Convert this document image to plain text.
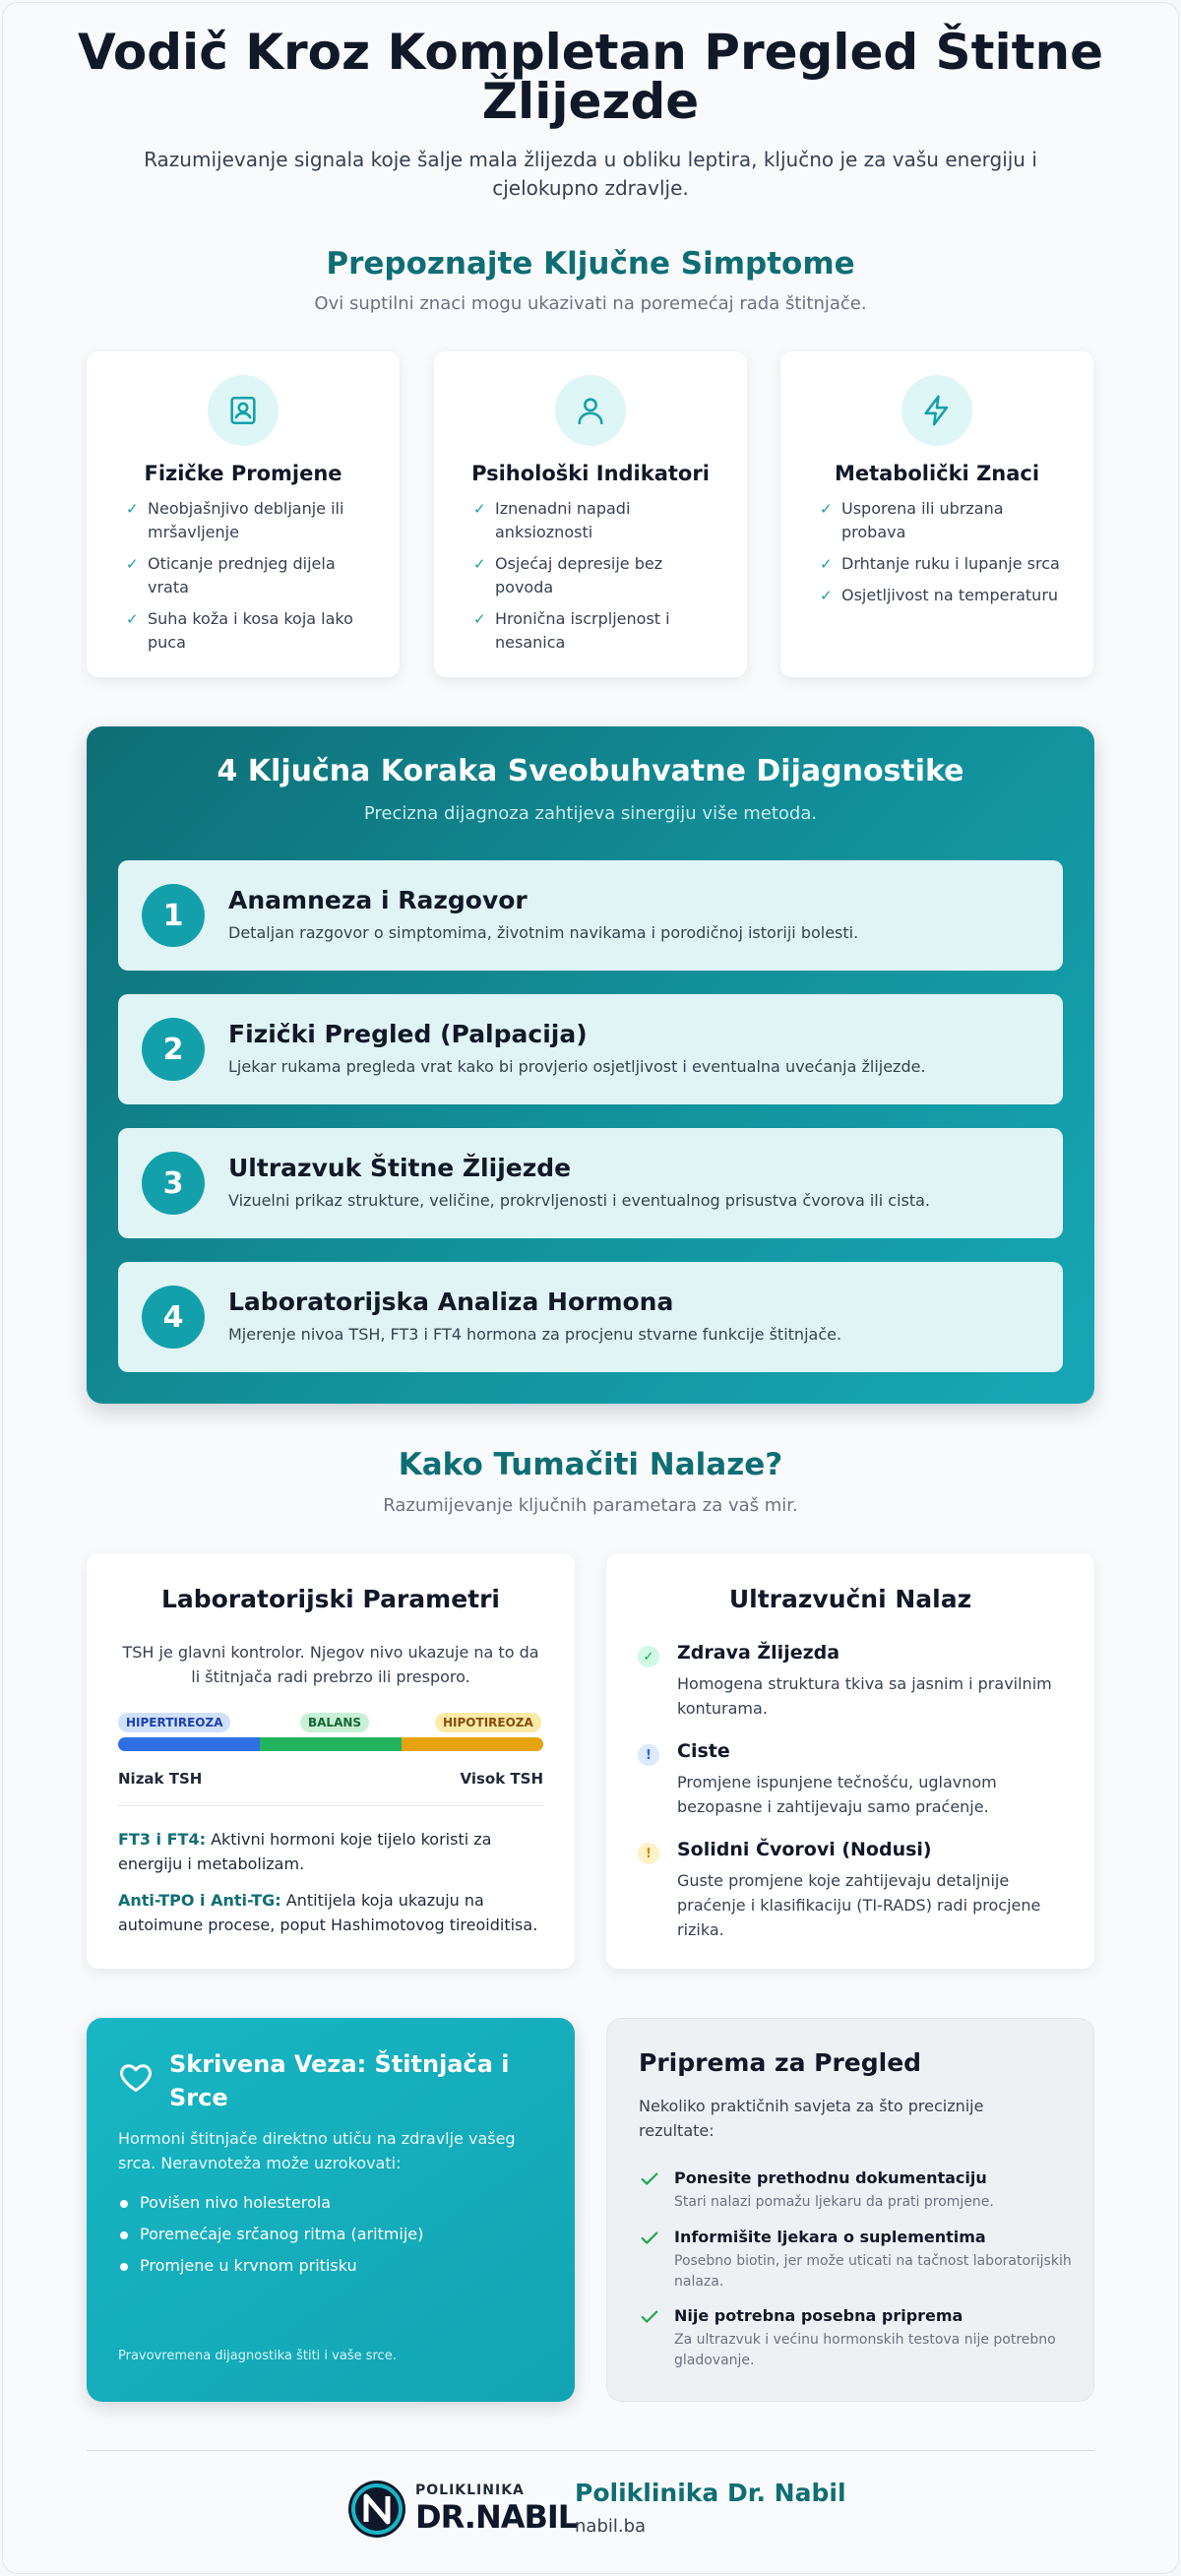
Vodič Kroz Kompletan Pregled Štitne Žlijezde

Razumijevanje signala koje šalje mala žlijezda u obliku leptira, ključno je za vašu energiju i cjelokupno zdravlje.

Prepoznajte Ključne Simptome

Ovi suptilni znaci mogu ukazivati na poremećaj rada štitnjače.

Fizičke Promjene
✓ Neobjašnjivo debljanje ili mršavljenje
✓ Oticanje prednjeg dijela vrata
✓ Suha koža i kosa koja lako puca
Psihološki Indikatori
✓ Iznenadni napadi anksioznosti
✓ Osjećaj depresije bez povoda
✓ Hronična iscrpljenost i nesanica
Metabolički Znaci
✓ Usporena ili ubrzana probava
✓ Drhtanje ruku i lupanje srca
✓ Osjetljivost na temperaturu
4 Ključna Koraka Sveobuhvatne Dijagnostike

Precizna dijagnoza zahtijeva sinergiju više metoda.

1	Anamneza i Razgovor
Detaljan razgovor o simptomima, životnim navikama i porodičnoj istoriji bolesti.
2	Fizički Pregled (Palpacija)
Ljekar rukama pregleda vrat kako bi provjerio osjetljivost i eventualna uvećanja žlijezde.
3	Ultrazvuk Štitne Žlijezde
Vizuelni prikaz strukture, veličine, prokrvljenosti i eventualnog prisustva čvorova ili cista.
4	Laboratorijska Analiza Hormona
Mjerenje nivoa TSH, FT3 i FT4 hormona za procjenu stvarne funkcije štitnjače.
Kako Tumačiti Nalaze?

Razumijevanje ključnih parametara za vaš mir.

Laboratorijski Parametri

TSH je glavni kontrolor. Njegov nivo ukazuje na to da li štitnjača radi prebrzo ili presporo.

HIPERTIREOZA	BALANS	HIPOTIREOZA
Nizak TSH	Visok TSH

FT3 i FT4: Aktivni hormoni koje tijelo koristi za energiju i metabolizam.

Anti-TPO i Anti-TG: Antitijela koja ukazuju na autoimune procese, poput Hashimotovog tireoiditisa.

Ultrazvučni Nalaz
✓ Zdrava Žlijezda
Homogena struktura tkiva sa jasnim i pravilnim konturama.
!	Ciste
Promjene ispunjene tečnošću, uglavnom bezopasne i zahtijevaju samo praćenje.
!	Solidni Čvorovi (Nodusi)
Guste promjene koje zahtijevaju detaljnije praćenje i klasifikaciju (TI-RADS) radi procjene rizika.
Skrivena Veza: Štitnjača i Srce

Hormoni štitnjače direktno utiču na zdravlje vašeg srca. Neravnoteža može uzrokovati:

Povišen nivo holesterola
Poremećaje srčanog ritma (aritmije)
Promjene u krvnom pritisku

Pravovremena dijagnostika štiti i vaše srce.

Priprema za Pregled

Nekoliko praktičnih savjeta za što preciznije rezultate:

Ponesite prethodnu dokumentaciju
Stari nalazi pomažu ljekaru da prati promjene.
Informišite ljekara o suplementima
Posebno biotin, jer može uticati na tačnost laboratorijskih nalaza.
Nije potrebna posebna priprema
Za ultrazvuk i većinu hormonskih testova nije potrebno gladovanje.
POLIKLINIKA
DR.NABIL
Poliklinika Dr. Nabil
nabil.ba
